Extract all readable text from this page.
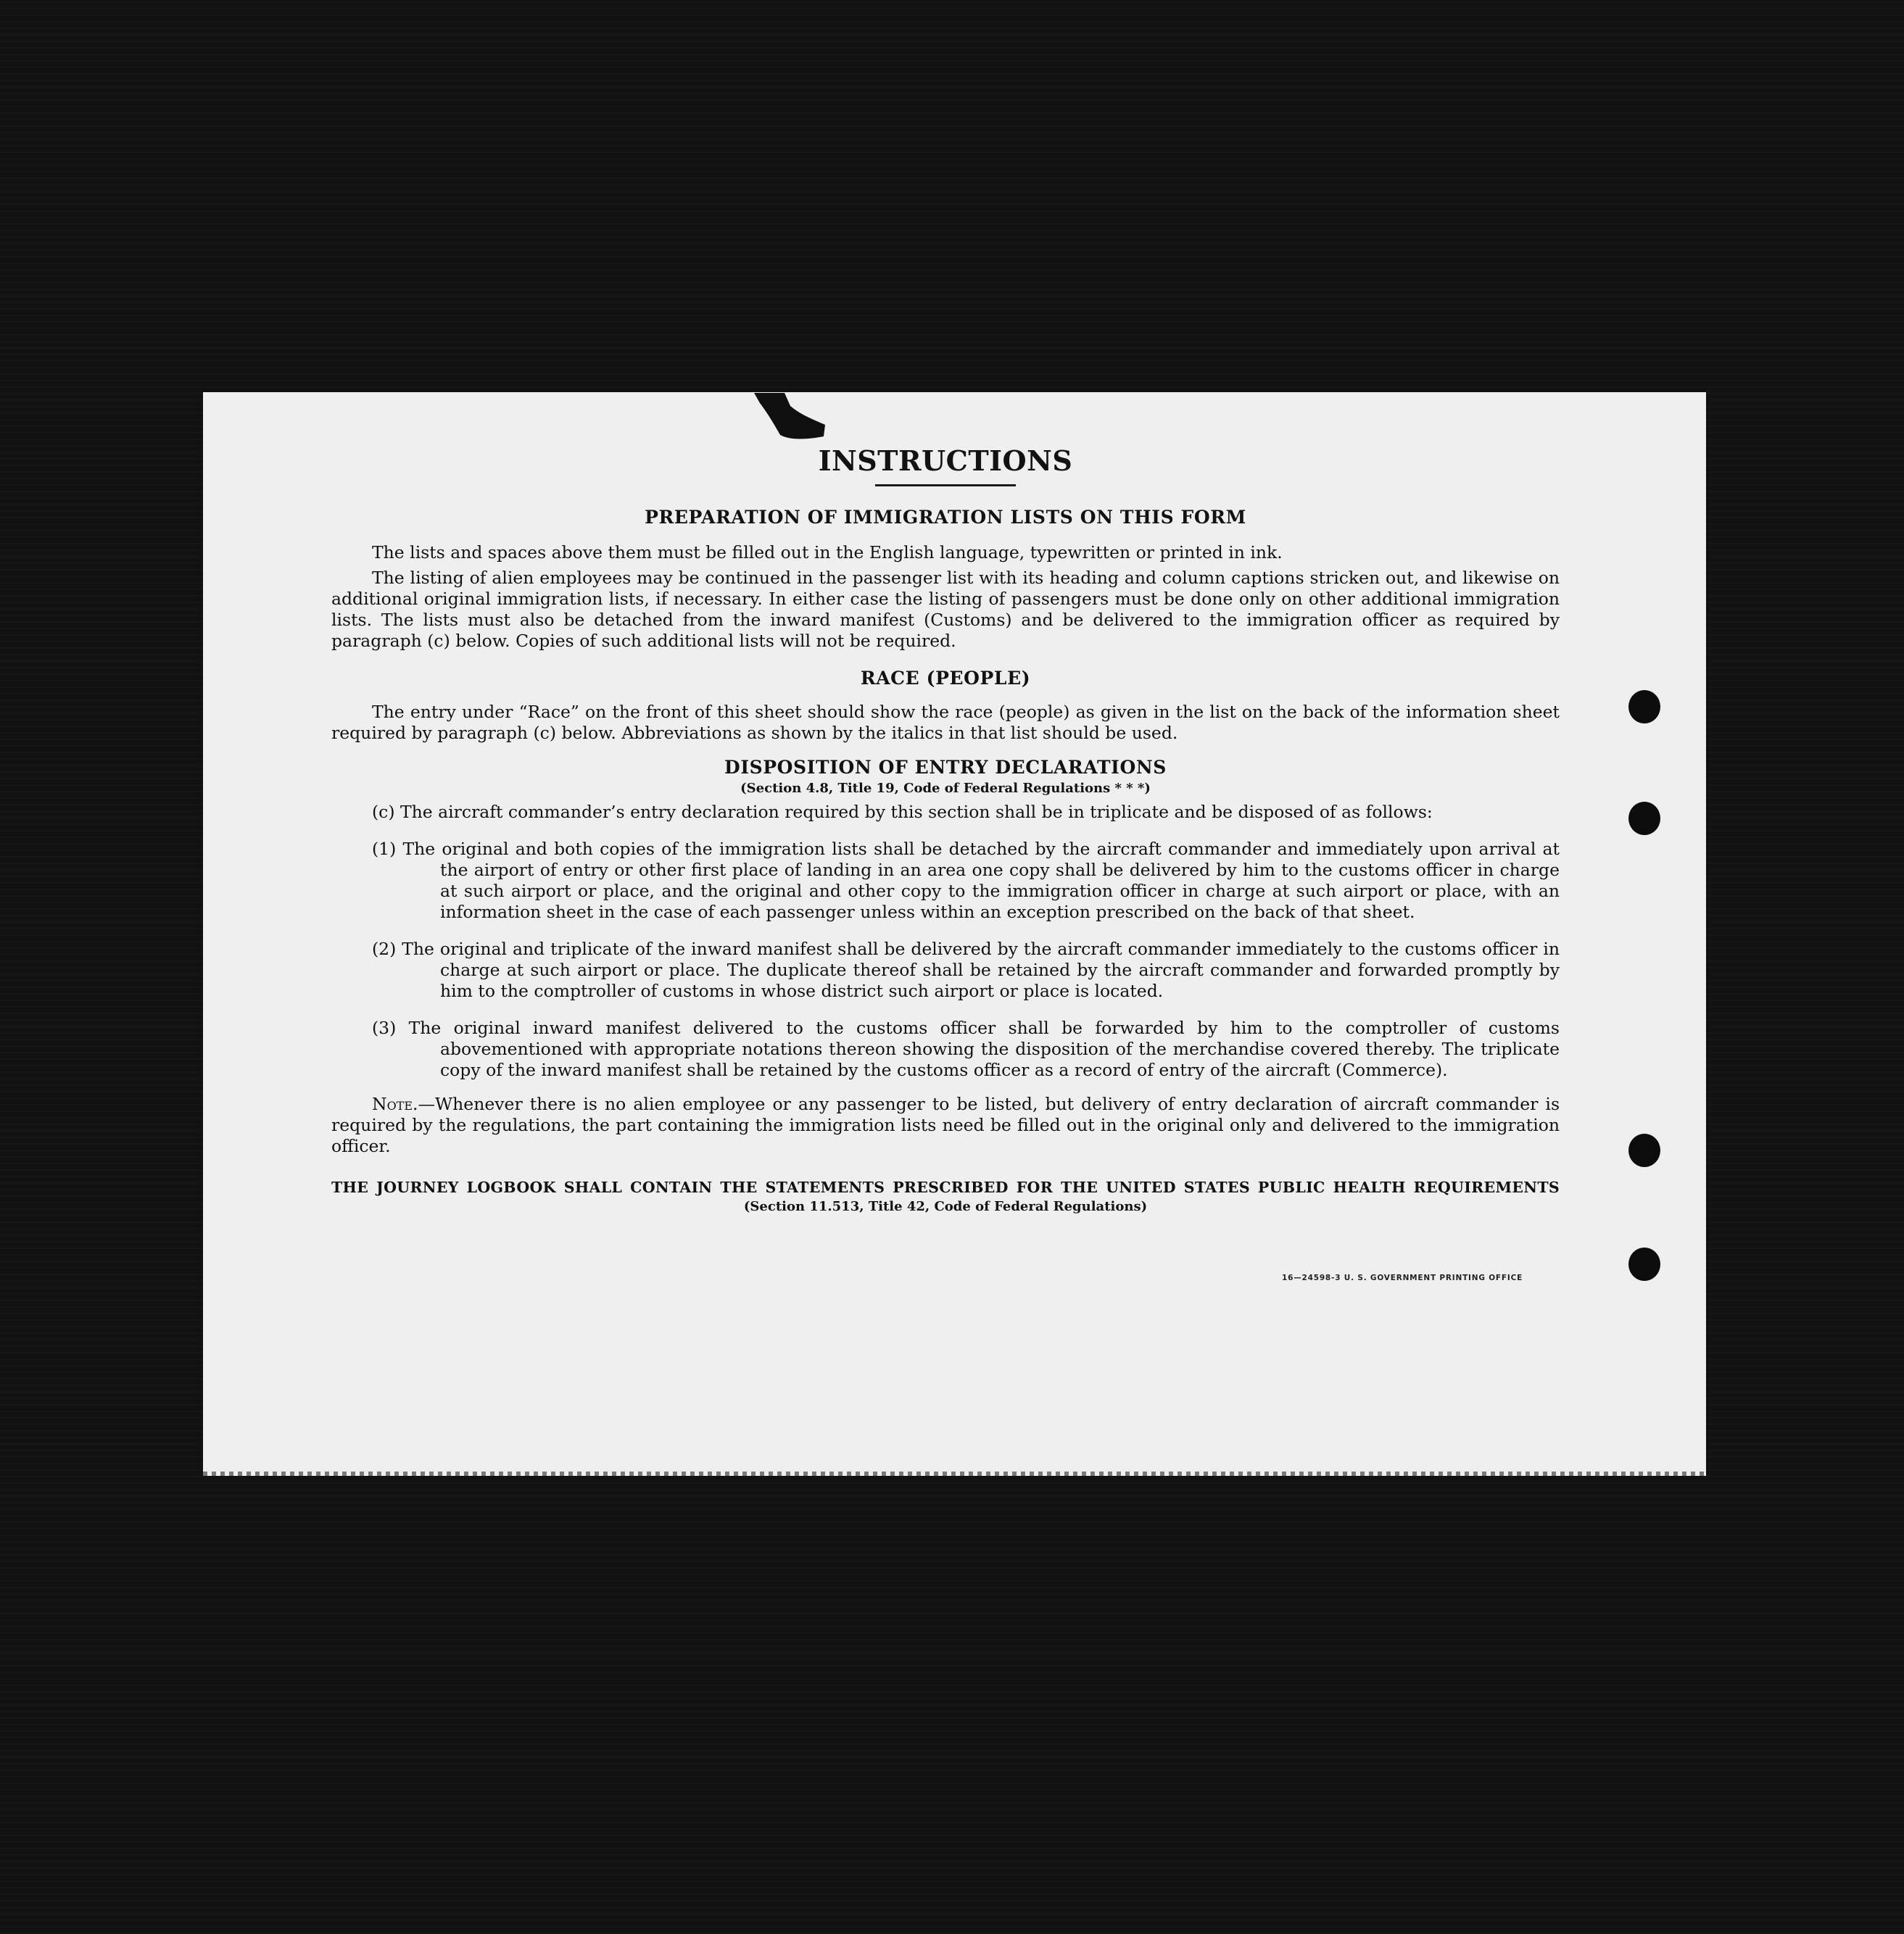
INSTRUCTIONS
PREPARATION OF IMMIGRATION LISTS ON THIS FORM

The lists and spaces above them must be filled out in the English language, typewritten or printed in ink.

The listing of alien employees may be continued in the passenger list with its heading and column captions stricken out, and likewise on additional original immigration lists, if necessary. In either case the listing of passengers must be done only on other additional immigration lists. The lists must also be detached from the inward manifest (Customs) and be delivered to the immigration officer as required by paragraph (c) below. Copies of such additional lists will not be required.

RACE (PEOPLE)

The entry under “Race” on the front of this sheet should show the race (people) as given in the list on the back of the information sheet required by paragraph (c) below. Abbreviations as shown by the italics in that list should be used.

DISPOSITION OF ENTRY DECLARATIONS
(Section 4.8, Title 19, Code of Federal Regulations * * *)

(c) The aircraft commander’s entry declaration required by this section shall be in triplicate and be disposed of as follows:

(1) The original and both copies of the immigration lists shall be detached by the aircraft commander and immediately upon arrival at the airport of entry or other first place of landing in an area one copy shall be delivered by him to the customs officer in charge at such airport or place, and the original and other copy to the immigration officer in charge at such airport or place, with an information sheet in the case of each passenger unless within an exception prescribed on the back of that sheet.

(2) The original and triplicate of the inward manifest shall be delivered by the aircraft commander immediately to the customs officer in charge at such airport or place. The duplicate thereof shall be retained by the aircraft commander and forwarded promptly by him to the comptroller of customs in whose district such airport or place is located.

(3) The original inward manifest delivered to the customs officer shall be forwarded by him to the comptroller of customs abovementioned with appropriate notations thereon showing the disposition of the merchandise covered thereby. The triplicate copy of the inward manifest shall be retained by the customs officer as a record of entry of the aircraft (Commerce).

Note.—Whenever there is no alien employee or any passenger to be listed, but delivery of entry declaration of aircraft commander is required by the regulations, the part containing the immigration lists need be filled out in the original only and delivered to the immigration officer.

THE JOURNEY LOGBOOK SHALL CONTAIN THE STATEMENTS PRESCRIBED FOR THE UNITED STATES PUBLIC HEALTH REQUIREMENTS

(Section 11.513, Title 42, Code of Federal Regulations)
16—24598-3 U. S. GOVERNMENT PRINTING OFFICE
